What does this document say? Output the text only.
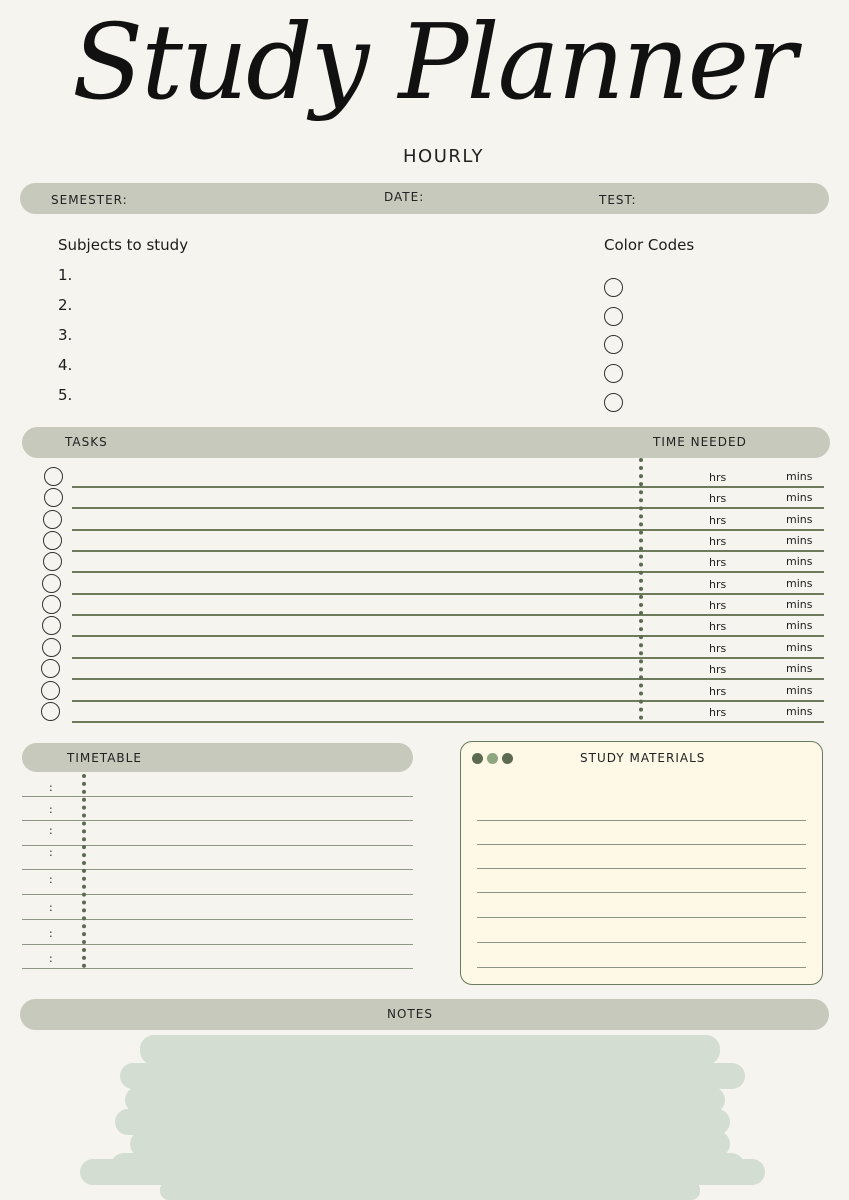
Study Planner
HOURLY
SEMESTER:	DATE:	TEST:
Subjects to study
1.
2.
3.
4.
5.
Color Codes
TASKS	TIME NEEDED
hrs	mins
hrs	mins
hrs	mins
hrs	mins
hrs	mins
hrs	mins
hrs	mins
hrs	mins
hrs	mins
hrs	mins
hrs	mins
hrs	mins
TIMETABLE
:
:
:
:
:
:
:
:
STUDY MATERIALS
NOTES
